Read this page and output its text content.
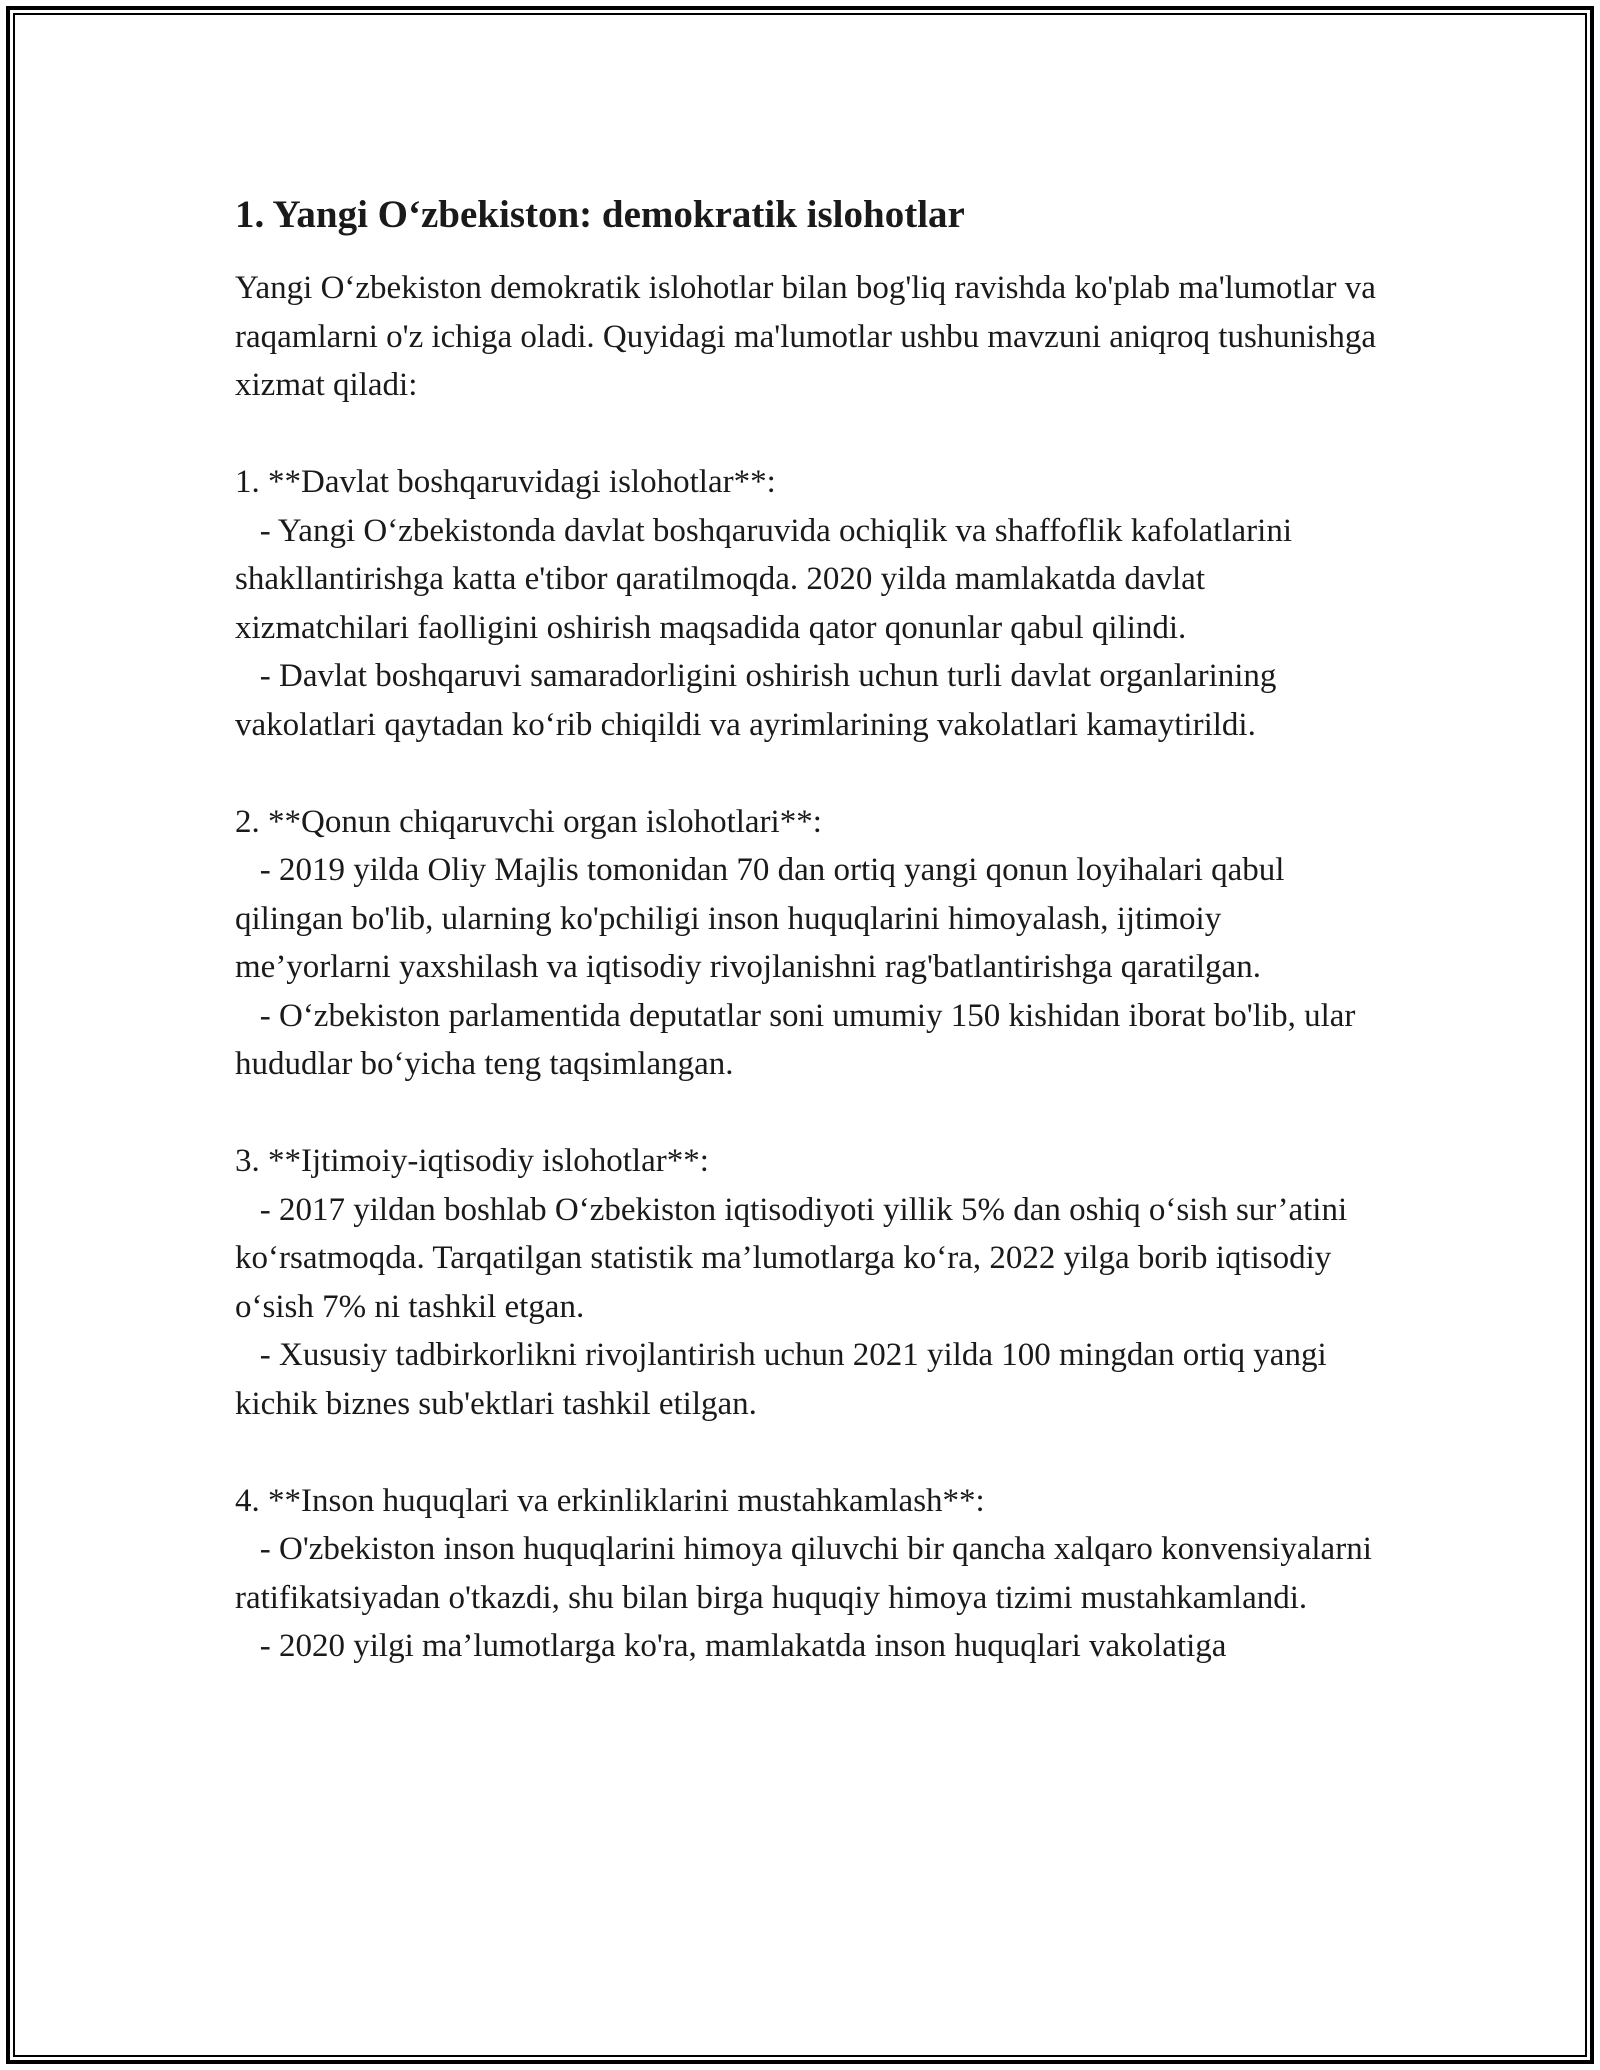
1. Yangi O‘zbekiston: demokratik islohotlar

Yangi O‘zbekiston demokratik islohotlar bilan bog'liq ravishda ko'plab ma'lumotlar va raqamlarni o'z ichiga oladi. Quyidagi ma'lumotlar ushbu mavzuni aniqroq tushunishga xizmat qiladi:

1. **Davlat boshqaruvidagi islohotlar**:

- Yangi O‘zbekistonda davlat boshqaruvida ochiqlik va shaffoflik kafolatlarini shakllantirishga katta e'tibor qaratilmoqda. 2020 yilda mamlakatda davlat xizmatchilari faolligini oshirish maqsadida qator qonunlar qabul qilindi.

- Davlat boshqaruvi samaradorligini oshirish uchun turli davlat organlarining vakolatlari qaytadan ko‘rib chiqildi va ayrimlarining vakolatlari kamaytirildi.

2. **Qonun chiqaruvchi organ islohotlari**:

- 2019 yilda Oliy Majlis tomonidan 70 dan ortiq yangi qonun loyihalari qabul qilingan bo'lib, ularning ko'pchiligi inson huquqlarini himoyalash, ijtimoiy me’yorlarni yaxshilash va iqtisodiy rivojlanishni rag'batlantirishga qaratilgan.

- O‘zbekiston parlamentida deputatlar soni umumiy 150 kishidan iborat bo'lib, ular hududlar bo‘yicha teng taqsimlangan.

3. **Ijtimoiy-iqtisodiy islohotlar**:

- 2017 yildan boshlab O‘zbekiston iqtisodiyoti yillik 5% dan oshiq o‘sish sur’atini ko‘rsatmoqda. Tarqatilgan statistik ma’lumotlarga ko‘ra, 2022 yilga borib iqtisodiy o‘sish 7% ni tashkil etgan.

- Xususiy tadbirkorlikni rivojlantirish uchun 2021 yilda 100 mingdan ortiq yangi kichik biznes sub'ektlari tashkil etilgan.

4. **Inson huquqlari va erkinliklarini mustahkamlash**:

- O'zbekiston inson huquqlarini himoya qiluvchi bir qancha xalqaro konvensiyalarni ratifikatsiyadan o'tkazdi, shu bilan birga huquqiy himoya tizimi mustahkamlandi.

- 2020 yilgi ma’lumotlarga ko'ra, mamlakatda inson huquqlari vakolatiga
